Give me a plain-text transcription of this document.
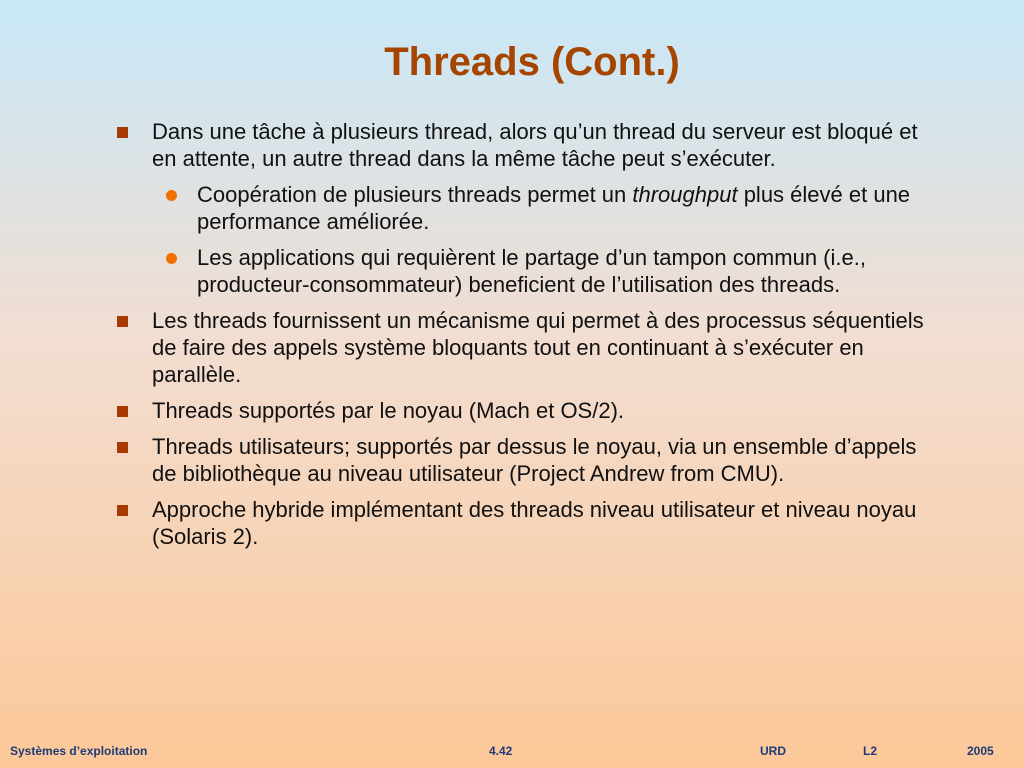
Threads (Cont.)
Dans une tâche à plusieurs thread, alors qu’un thread du serveur est bloqué et en attente, un autre thread dans la même tâche peut s’exécuter.
Coopération de plusieurs threads permet un throughput plus élevé et une performance améliorée.
Les applications qui requièrent le partage d’un tampon commun (i.e., producteur-consommateur) beneficient de l’utilisation des threads.
Les threads fournissent un mécanisme qui permet à des processus séquentiels de faire des appels système bloquants tout en continuant à s’exécuter en parallèle.
Threads supportés par le noyau (Mach et OS/2).
Threads utilisateurs; supportés par dessus le noyau, via un ensemble d’appels de bibliothèque au niveau utilisateur (Project Andrew from CMU).
Approche hybride implémentant des threads niveau utilisateur et niveau noyau (Solaris 2).
Systèmes d’exploitation	4.42	URD	L2	2005
